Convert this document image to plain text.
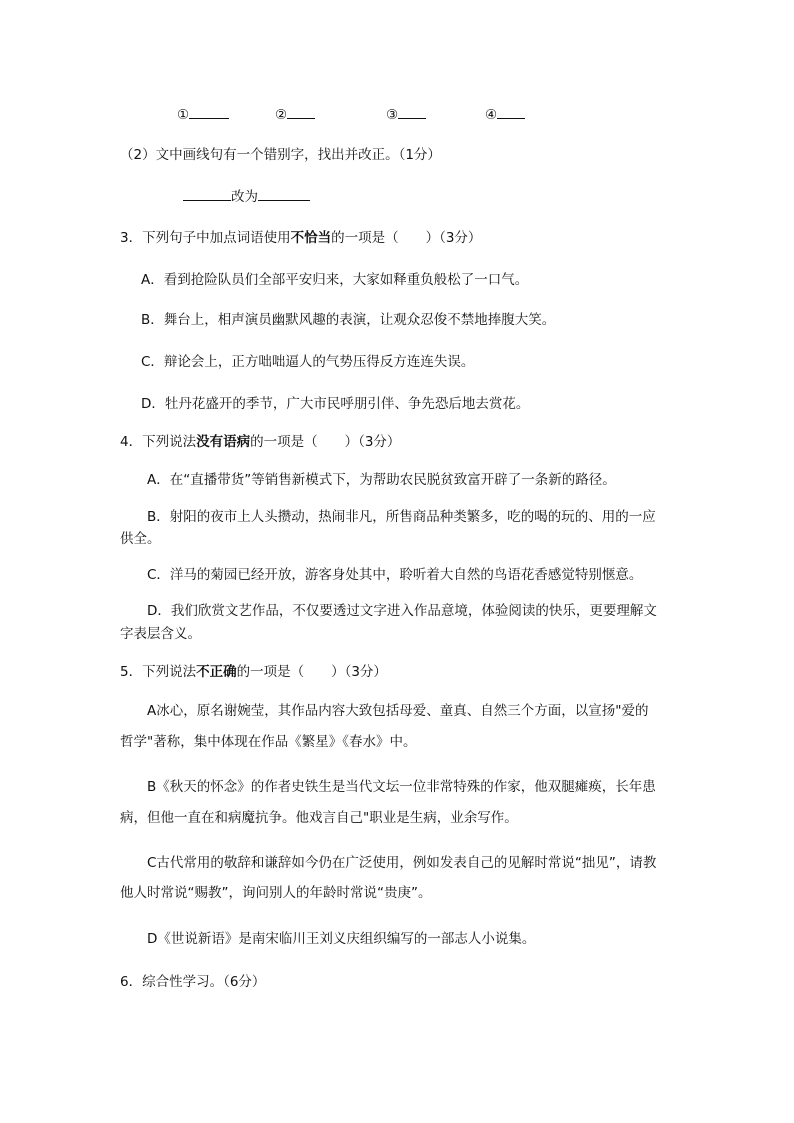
①	②	③	④
（2）文中画线句有一个错别字，找出并改正。（1分）
改为
3．下列句子中加点词语使用不恰当的一项是（　　）（3分）
A．看到抢险队员们全部平安归来，大家如释重负般松了一口气。
B．舞台上，相声演员幽默风趣的表演，让观众忍俊不禁地捧腹大笑。
C．辩论会上，正方咄咄逼人的气势压得反方连连失误。
D．牡丹花盛开的季节，广大市民呼朋引伴、争先恐后地去赏花。
4．下列说法没有语病的一项是（　　）（3分）
A．在“直播带货”等销售新模式下，为帮助农民脱贫致富开辟了一条新的路径。
B．射阳的夜市上人头攒动，热闹非凡，所售商品种类繁多，吃的喝的玩的、用的一应
供全。
C．洋马的菊园已经开放，游客身处其中，聆听着大自然的鸟语花香感觉特别惬意。
D．我们欣赏文艺作品，不仅要透过文字进入作品意境，体验阅读的快乐，更要理解文
字表层含义。
5．下列说法不正确的一项是（　　）（3分）
A冰心，原名谢婉莹，其作品内容大致包括母爱、童真、自然三个方面，以宣扬"爱的
哲学"著称，集中体现在作品《繁星》《春水》中。
B《秋天的怀念》的作者史铁生是当代文坛一位非常特殊的作家，他双腿瘫痪，长年患
病，但他一直在和病魔抗争。他戏言自己"职业是生病，业余写作。
C古代常用的敬辞和谦辞如今仍在广泛使用，例如发表自己的见解时常说“拙见”，请教
他人时常说“赐教”，询问别人的年龄时常说“贵庚”。
D《世说新语》是南宋临川王刘义庆组织编写的一部志人小说集。
6．综合性学习。（6分）
